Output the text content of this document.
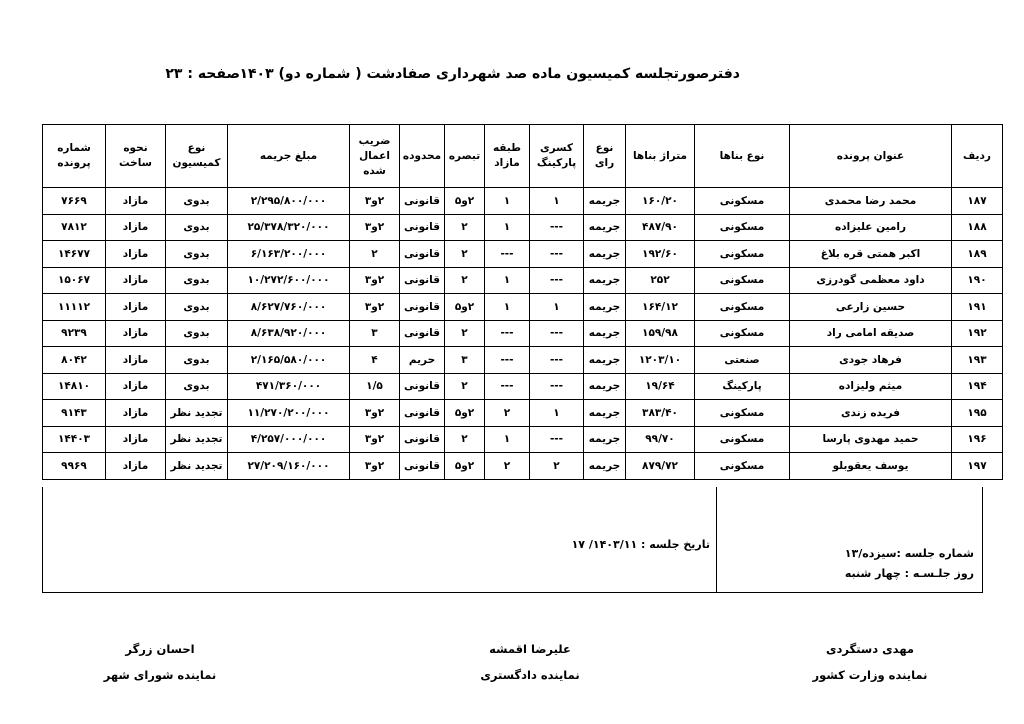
دفترصورتجلسه کمیسیون ماده صد شهرداری صفادشت ( شماره دو) ۱۴۰۳
صفحه : ۲۳
ردیف	عنوان پرونده	نوع بناها	متراژ بناها	نوع رای	کسری پارکینگ	طبقه مازاد	تبصره	محدوده	ضریب اعمال شده	مبلغ جریمه	نوع کمیسیون	نحوه ساخت	شماره پرونده
۱۸۷	محمد رضا محمدی	مسکونی	۱۶۰/۲۰	جریمه	۱	۱	۲و۵	قانونی	۲و۳	۲/۲۹۵/۸۰۰/۰۰۰	بدوی	مازاد	۷۶۶۹
۱۸۸	رامین علیزاده	مسکونی	۴۸۷/۹۰	جریمه	---	۱	۲	قانونی	۲و۳	۲۵/۳۷۸/۳۲۰/۰۰۰	بدوی	مازاد	۷۸۱۲
۱۸۹	اکبر همتی قره بلاغ	مسکونی	۱۹۲/۶۰	جریمه	---	---	۲	قانونی	۲	۶/۱۶۳/۲۰۰/۰۰۰	بدوی	مازاد	۱۴۶۷۷
۱۹۰	داود معظمی گودرزی	مسکونی	۲۵۲	جریمه	---	۱	۲	قانونی	۲و۳	۱۰/۲۷۲/۶۰۰/۰۰۰	بدوی	مازاد	۱۵۰۶۷
۱۹۱	حسین زارعی	مسکونی	۱۶۴/۱۲	جریمه	۱	۱	۲و۵	قانونی	۲و۳	۸/۶۲۷/۷۶۰/۰۰۰	بدوی	مازاد	۱۱۱۱۲
۱۹۲	صدیقه امامی راد	مسکونی	۱۵۹/۹۸	جریمه	---	---	۲	قانونی	۳	۸/۶۳۸/۹۲۰/۰۰۰	بدوی	مازاد	۹۲۳۹
۱۹۳	فرهاد جودی	صنعتی	۱۲۰۳/۱۰	جریمه	---	---	۳	حریم	۴	۲/۱۶۵/۵۸۰/۰۰۰	بدوی	مازاد	۸۰۴۲
۱۹۴	میثم ولیزاده	پارکینگ	۱۹/۶۴	جریمه	---	---	۲	قانونی	۱/۵	۴۷۱/۳۶۰/۰۰۰	بدوی	مازاد	۱۴۸۱۰
۱۹۵	فریده زندی	مسکونی	۳۸۳/۴۰	جریمه	۱	۲	۲و۵	قانونی	۲و۳	۱۱/۲۷۰/۲۰۰/۰۰۰	تجدید نظر	مازاد	۹۱۴۳
۱۹۶	حمید مهدوی پارسا	مسکونی	۹۹/۷۰	جریمه	---	۱	۲	قانونی	۲و۳	۴/۲۵۷/۰۰۰/۰۰۰	تجدید نظر	مازاد	۱۴۴۰۳
۱۹۷	یوسف یعقوبلو	مسکونی	۸۷۹/۷۲	جریمه	۲	۲	۲و۵	قانونی	۲و۳	۲۷/۲۰۹/۱۶۰/۰۰۰	تجدید نظر	مازاد	۹۹۶۹
تاریخ جلسه : ۱۴۰۳/۱۱/ ۱۷
شماره جلسه :سیزده/۱۳
روز جلـسـه : چهار شنبه
مهدی دستگردی
نماینده وزارت کشور
علیرضا اقمشه
نماینده دادگستری
احسان زرگر
نماینده شورای شهر
